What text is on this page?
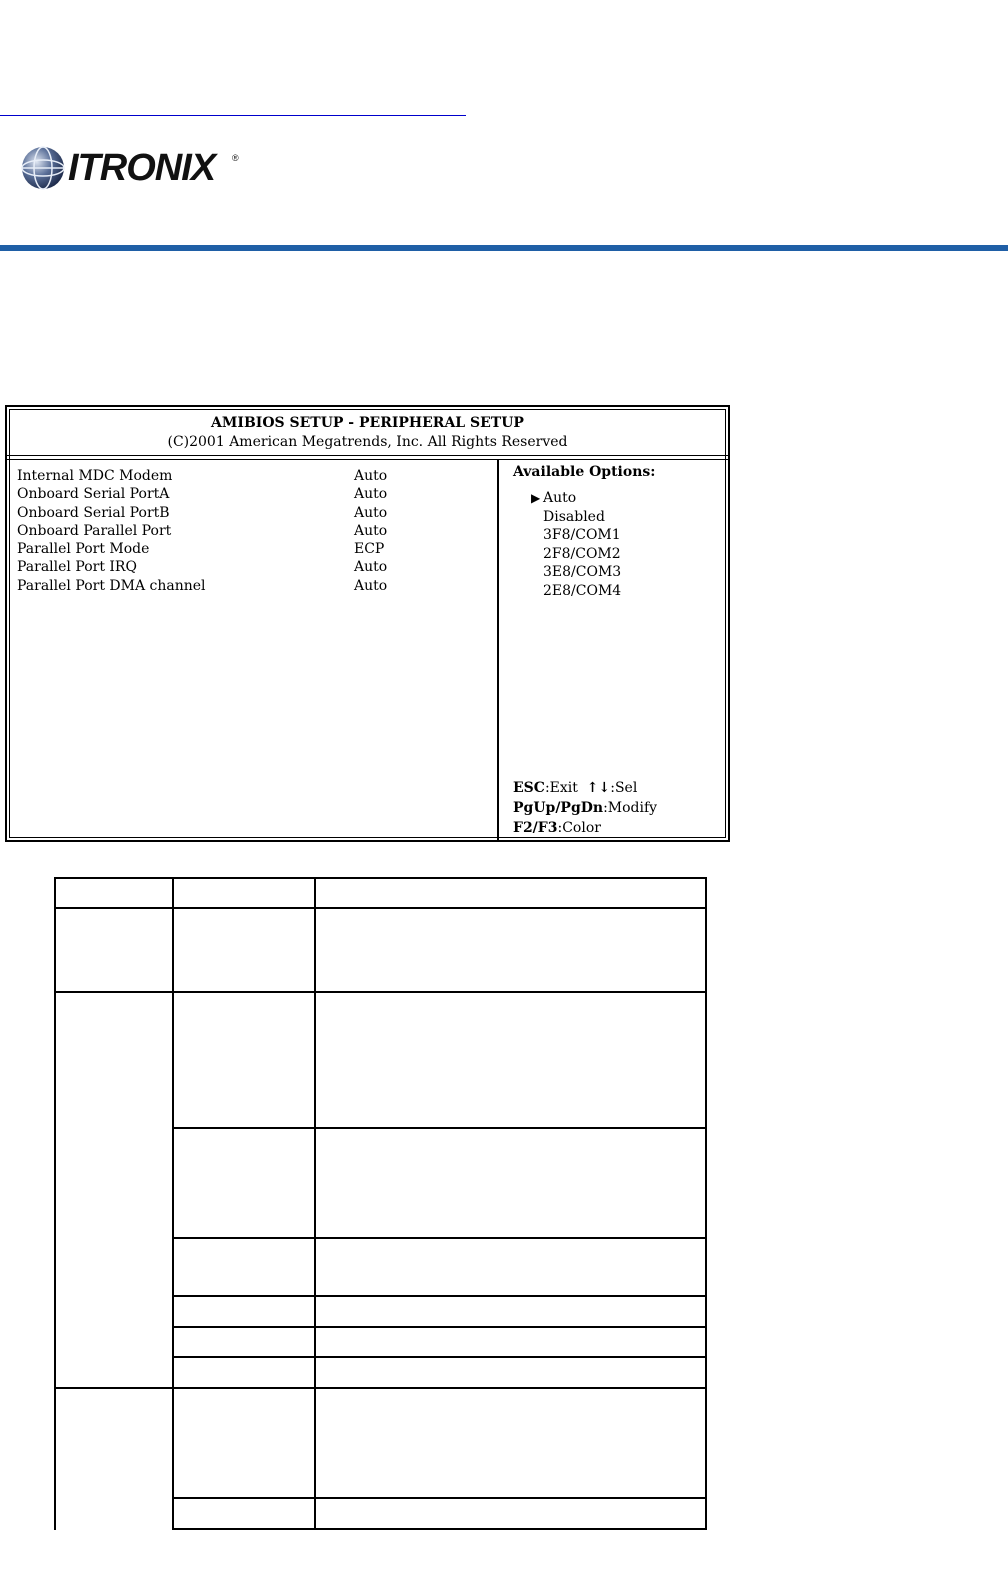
ITRONIX ®
AMIBIOS SETUP - PERIPHERAL SETUP
(C)2001 American Megatrends, Inc. All Rights Reserved
Internal MDC Modem	Auto
Onboard Serial PortA	Auto
Onboard Serial PortB	Auto
Onboard Parallel Port	Auto
Parallel Port Mode	ECP
Parallel Port IRQ	Auto
Parallel Port DMA channel	Auto
Available Options:
▶ Auto
Disabled
3F8/COM1
2F8/COM2
3E8/COM3
2E8/COM4
ESC:Exit ↑↓:Sel
PgUp/PgDn:Modify
F2/F3:Color
